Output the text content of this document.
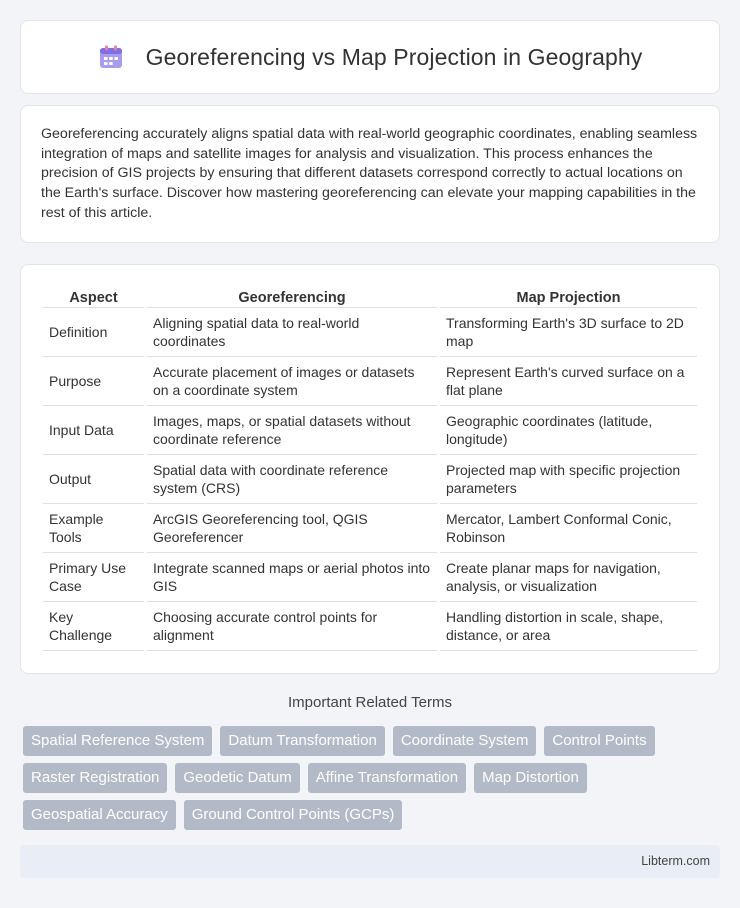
Georeferencing vs Map Projection in Geography

Georeferencing accurately aligns spatial data with real-world geographic coordinates, enabling seamless integration of maps and satellite images for analysis and visualization. This process enhances the precision of GIS projects by ensuring that different datasets correspond correctly to actual locations on the Earth's surface. Discover how mastering georeferencing can elevate your mapping capabilities in the rest of this article.

Aspect	Georeferencing	Map Projection
Definition	Aligning spatial data to real-world coordinates	Transforming Earth's 3D surface to 2D map
Purpose	Accurate placement of images or datasets on a coordinate system	Represent Earth's curved surface on a flat plane
Input Data	Images, maps, or spatial datasets without coordinate reference	Geographic coordinates (latitude, longitude)
Output	Spatial data with coordinate reference system (CRS)	Projected map with specific projection parameters
Example Tools	ArcGIS Georeferencing tool, QGIS Georeferencer	Mercator, Lambert Conformal Conic, Robinson
Primary Use Case	Integrate scanned maps or aerial photos into GIS	Create planar maps for navigation, analysis, or visualization
Key Challenge	Choosing accurate control points for alignment	Handling distortion in scale, shape, distance, or area
Important Related Terms
Spatial Reference System	Datum Transformation	Coordinate System	Control Points
Raster Registration	Geodetic Datum	Affine Transformation	Map Distortion
Geospatial Accuracy	Ground Control Points (GCPs)
Libterm.com
